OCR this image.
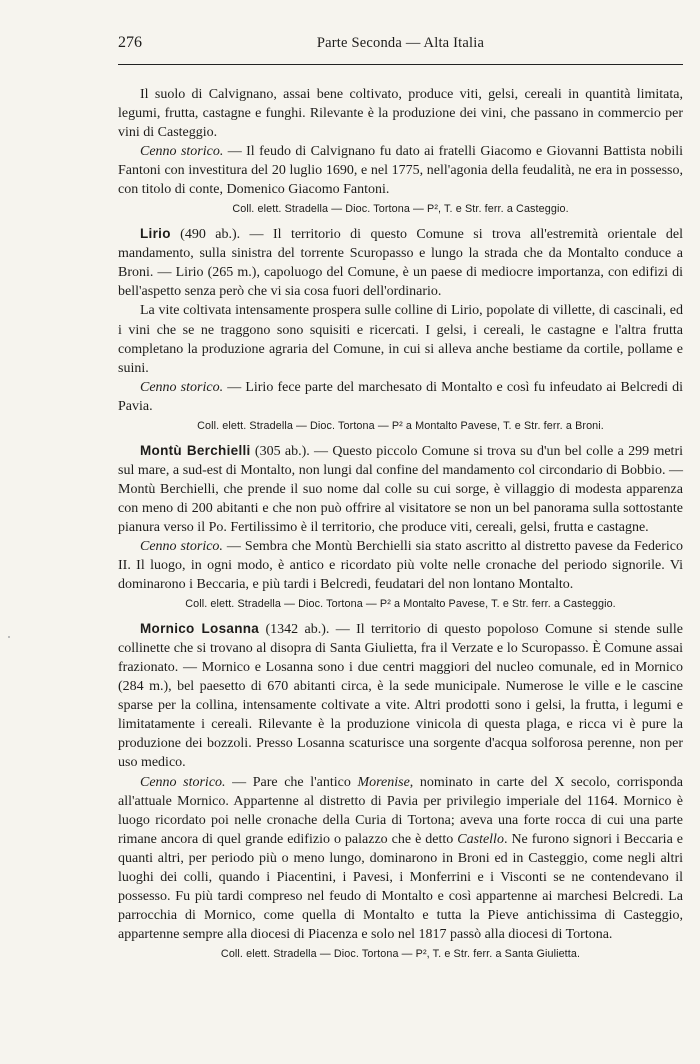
276	Parte Seconda — Alta Italia

Il suolo di Calvignano, assai bene coltivato, produce viti, gelsi, cereali in quantità limitata, legumi, frutta, castagne e funghi. Rilevante è la produzione dei vini, che passano in commercio per vini di Casteggio.

Cenno storico. — Il feudo di Calvignano fu dato ai fratelli Giacomo e Giovanni Battista nobili Fantoni con investitura del 20 luglio 1690, e nel 1775, nell'agonia della feudalità, ne era in possesso, con titolo di conte, Domenico Giacomo Fantoni.

Coll. elett. Stradella — Dioc. Tortona — P², T. e Str. ferr. a Casteggio.

Lirio (490 ab.). — Il territorio di questo Comune si trova all'estremità orientale del mandamento, sulla sinistra del torrente Scuropasso e lungo la strada che da Montalto conduce a Broni. — Lirio (265 m.), capoluogo del Comune, è un paese di mediocre importanza, con edifizi di bell'aspetto senza però che vi sia cosa fuori dell'ordinario.

La vite coltivata intensamente prospera sulle colline di Lirio, popolate di villette, di cascinali, ed i vini che se ne traggono sono squisiti e ricercati. I gelsi, i cereali, le castagne e l'altra frutta completano la produzione agraria del Comune, in cui si alleva anche bestiame da cortile, pollame e suini.

Cenno storico. — Lirio fece parte del marchesato di Montalto e così fu infeudato ai Belcredi di Pavia.

Coll. elett. Stradella — Dioc. Tortona — P² a Montalto Pavese, T. e Str. ferr. a Broni.

Montù Berchielli (305 ab.). — Questo piccolo Comune si trova su d'un bel colle a 299 metri sul mare, a sud-est di Montalto, non lungi dal confine del mandamento col circondario di Bobbio. — Montù Berchielli, che prende il suo nome dal colle su cui sorge, è villaggio di modesta apparenza con meno di 200 abitanti e che non può offrire al visitatore se non un bel panorama sulla sottostante pianura verso il Po. Fertilissimo è il territorio, che produce viti, cereali, gelsi, frutta e castagne.

Cenno storico. — Sembra che Montù Berchielli sia stato ascritto al distretto pavese da Federico II. Il luogo, in ogni modo, è antico e ricordato più volte nelle cronache del periodo signorile. Vi dominarono i Beccaria, e più tardi i Belcredi, feudatari del non lontano Montalto.

Coll. elett. Stradella — Dioc. Tortona — P² a Montalto Pavese, T. e Str. ferr. a Casteggio.

Mornico Losanna (1342 ab.). — Il territorio di questo popoloso Comune si stende sulle collinette che si trovano al disopra di Santa Giulietta, fra il Verzate e lo Scuropasso. È Comune assai frazionato. — Mornico e Losanna sono i due centri maggiori del nucleo comunale, ed in Mornico (284 m.), bel paesetto di 670 abitanti circa, è la sede municipale. Numerose le ville e le cascine sparse per la collina, intensamente coltivate a vite. Altri prodotti sono i gelsi, la frutta, i legumi e limitatamente i cereali. Rilevante è la produzione vinicola di questa plaga, e ricca vi è pure la produzione dei bozzoli. Presso Losanna scaturisce una sorgente d'acqua solforosa perenne, non per uso medico.

Cenno storico. — Pare che l'antico Morenise, nominato in carte del X secolo, corrisponda all'attuale Mornico. Appartenne al distretto di Pavia per privilegio imperiale del 1164. Mornico è luogo ricordato poi nelle cronache della Curia di Tortona; aveva una forte rocca di cui una parte rimane ancora di quel grande edifizio o palazzo che è detto Castello. Ne furono signori i Beccaria e quanti altri, per periodo più o meno lungo, dominarono in Broni ed in Casteggio, come negli altri luoghi dei colli, quando i Piacentini, i Pavesi, i Monferrini e i Visconti se ne contendevano il possesso. Fu più tardi compreso nel feudo di Montalto e così appartenne ai marchesi Belcredi. La parrocchia di Mornico, come quella di Montalto e tutta la Pieve antichissima di Casteggio, appartenne sempre alla diocesi di Piacenza e solo nel 1817 passò alla diocesi di Tortona.

Coll. elett. Stradella — Dioc. Tortona — P², T. e Str. ferr. a Santa Giulietta.
